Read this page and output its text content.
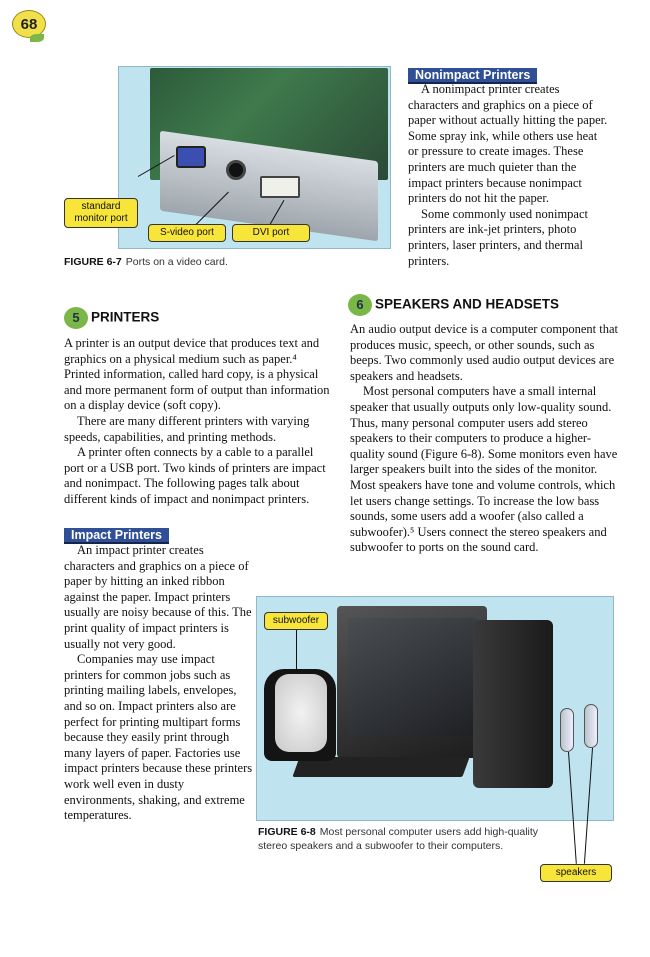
68
standard monitor port
S-video port	DVI port
FIGURE 6-7 Ports on a video card.
Nonimpact Printers

A nonimpact printer creates characters and graphics on a piece of paper without actually hitting the paper. Some spray ink, while others use heat or pressure to create images. These printers are much quieter than the impact printers because nonimpact printers do not hit the paper.

Some commonly used nonimpact printers are ink-jet printers, photo printers, laser printers, and thermal printers.

5 PRINTERS

A printer is an output device that produces text and graphics on a physical medium such as paper.⁴ Printed information, called hard copy, is a physical and more permanent form of output than information on a display device (soft copy).

There are many different printers with varying speeds, capabilities, and printing methods.

A printer often connects by a cable to a parallel port or a USB port. Two kinds of printers are impact and nonimpact. The following pages talk about different kinds of impact and nonimpact printers.

Impact Printers

An impact printer creates characters and graphics on a piece of paper by hitting an inked ribbon against the paper. Impact printers usually are noisy because of this. The print quality of impact printers is usually not very good.

Companies may use impact printers for common jobs such as printing mailing labels, envelopes, and so on. Impact printers also are perfect for printing multipart forms because they easily print through many layers of paper. Factories use impact printers because these printers work well even in dusty environments, shaking, and extreme temperatures.

6 SPEAKERS AND HEADSETS

An audio output device is a computer component that produces music, speech, or other sounds, such as beeps. Two commonly used audio output devices are speakers and headsets.

Most personal computers have a small internal speaker that usually outputs only low-quality sound. Thus, many personal computer users add stereo speakers to their computers to produce a higher-quality sound (Figure 6-8). Some monitors even have larger speakers built into the sides of the monitor. Most speakers have tone and volume controls, which let users change settings. To increase the low bass sounds, some users add a woofer (also called a subwoofer).⁵ Users connect the stereo speakers and subwoofer to ports on the sound card.

subwoofer
speakers
FIGURE 6-8 Most personal computer users add high-quality stereo speakers and a subwoofer to their computers.
